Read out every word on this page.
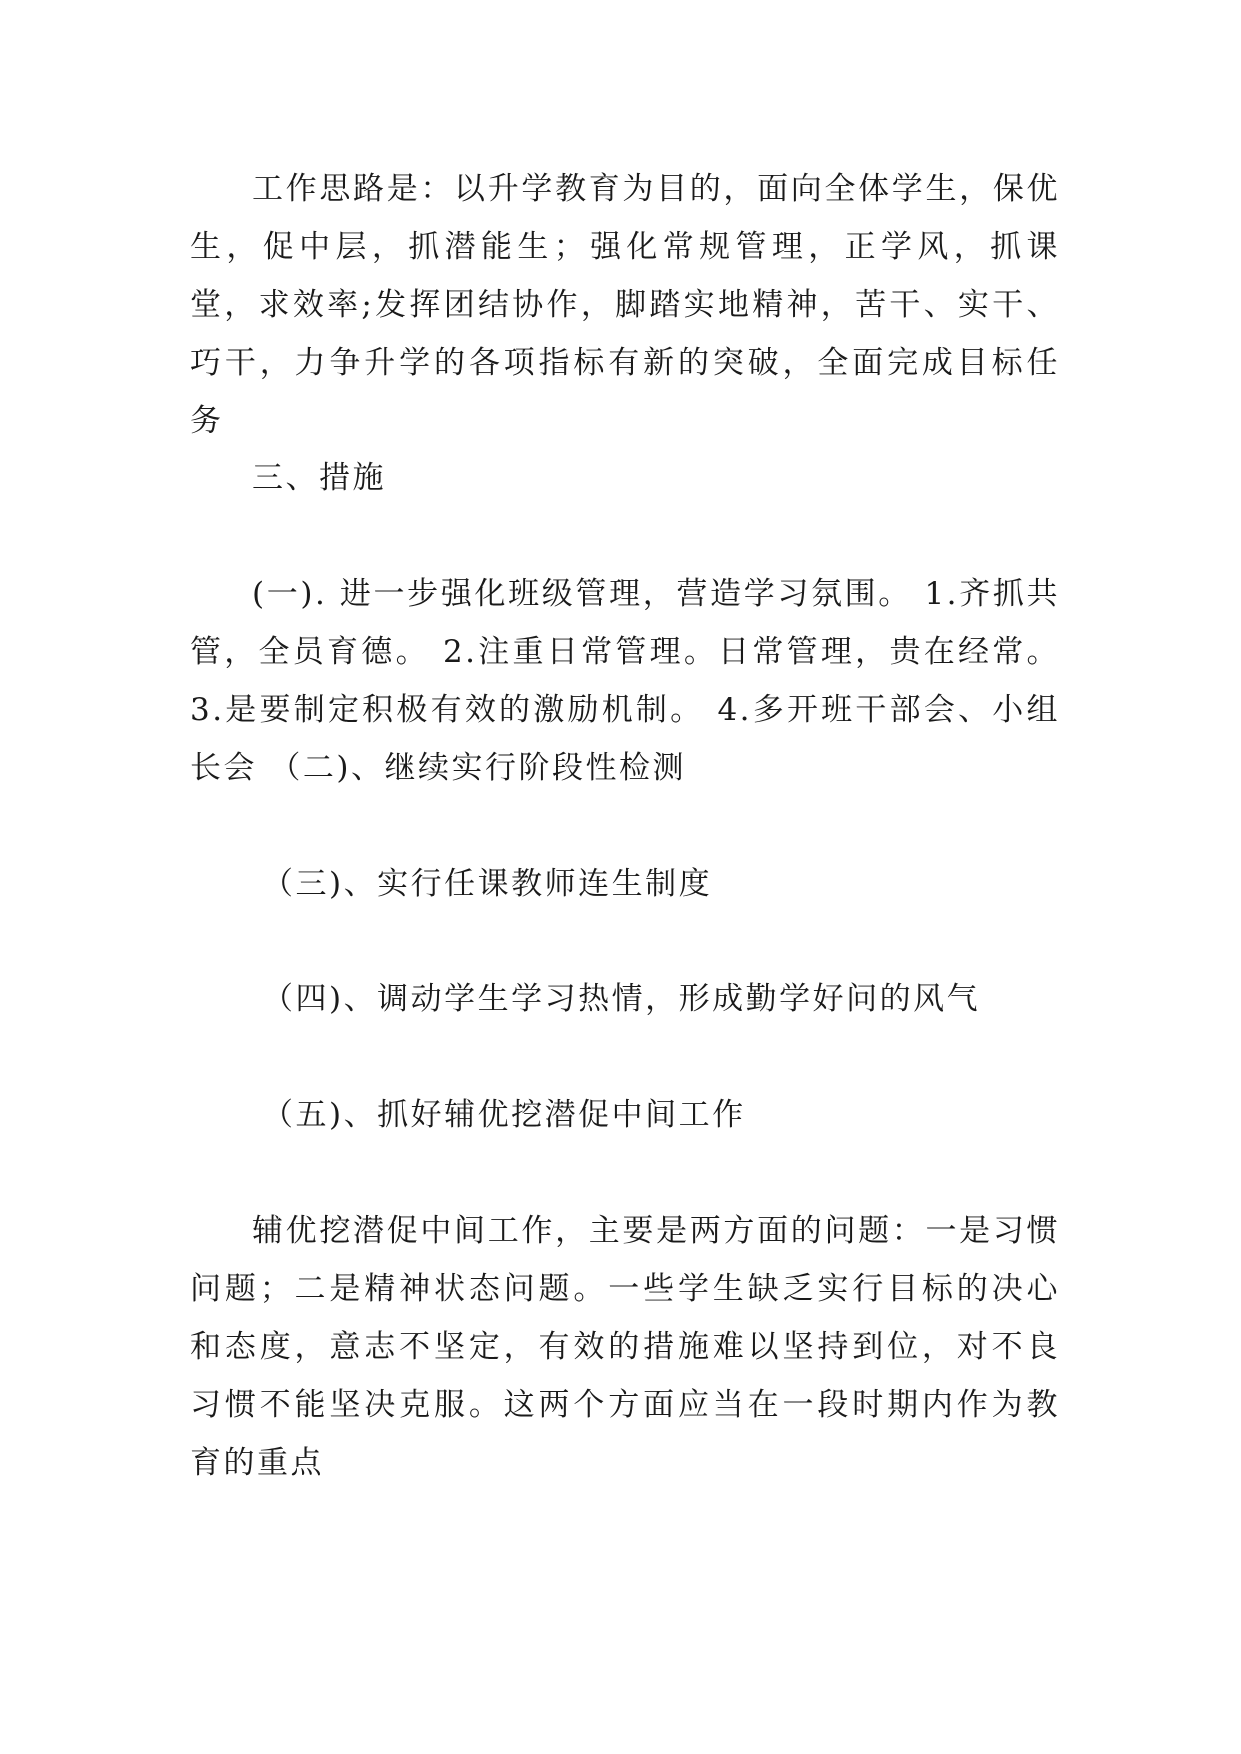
工作思路是：以升学教育为目的，面向全体学生，保优生，促中层，抓潜能生；强化常规管理，正学风，抓课堂，求效率;发挥团结协作，脚踏实地精神，苦干、实干、巧干，力争升学的各项指标有新的突破，全面完成目标任务

三、措施

(一). 进一步强化班级管理，营造学习氛围。 1.齐抓共管，全员育德。 2.注重日常管理。日常管理，贵在经常。3.是要制定积极有效的激励机制。 4.多开班干部会、小组长会 （二)、继续实行阶段性检测

（三)、实行任课教师连生制度

（四)、调动学生学习热情，形成勤学好问的风气

（五)、抓好辅优挖潜促中间工作

辅优挖潜促中间工作，主要是两方面的问题：一是习惯问题；二是精神状态问题。一些学生缺乏实行目标的决心和态度，意志不坚定，有效的措施难以坚持到位，对不良习惯不能坚决克服。这两个方面应当在一段时期内作为教育的重点
